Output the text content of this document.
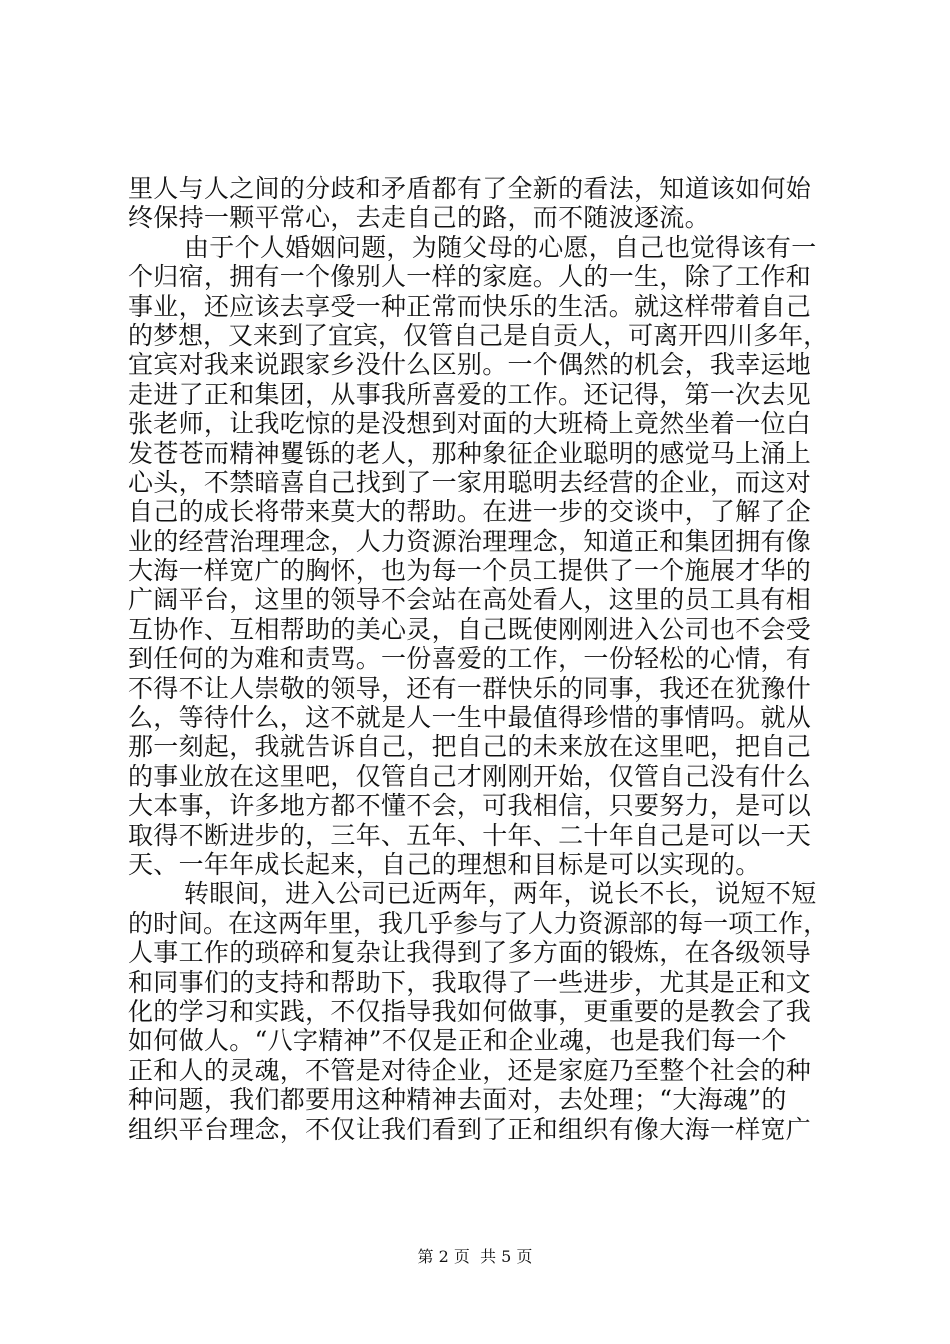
里人与人之间的分歧和矛盾都有了全新的看法，知道该如何始
终保持一颗平常心，去走自己的路，而不随波逐流。
由于个人婚姻问题，为随父母的心愿，自己也觉得该有一
个归宿，拥有一个像别人一样的家庭。人的一生，除了工作和
事业，还应该去享受一种正常而快乐的生活。就这样带着自己
的梦想，又来到了宜宾，仅管自己是自贡人，可离开四川多年，
宜宾对我来说跟家乡没什么区别。一个偶然的机会，我幸运地
走进了正和集团，从事我所喜爱的工作。还记得，第一次去见
张老师，让我吃惊的是没想到对面的大班椅上竟然坐着一位白
发苍苍而精神矍铄的老人，那种象征企业聪明的感觉马上涌上
心头，不禁暗喜自己找到了一家用聪明去经营的企业，而这对
自己的成长将带来莫大的帮助。在进一步的交谈中，了解了企
业的经营治理理念，人力资源治理理念，知道正和集团拥有像
大海一样宽广的胸怀，也为每一个员工提供了一个施展才华的
广阔平台，这里的领导不会站在高处看人，这里的员工具有相
互协作、互相帮助的美心灵，自己既使刚刚进入公司也不会受
到任何的为难和责骂。一份喜爱的工作，一份轻松的心情，有
不得不让人崇敬的领导，还有一群快乐的同事，我还在犹豫什
么，等待什么，这不就是人一生中最值得珍惜的事情吗。就从
那一刻起，我就告诉自己，把自己的未来放在这里吧，把自己
的事业放在这里吧，仅管自己才刚刚开始，仅管自己没有什么
大本事，许多地方都不懂不会，可我相信，只要努力，是可以
取得不断进步的，三年、五年、十年、二十年自己是可以一天
天、一年年成长起来，自己的理想和目标是可以实现的。
转眼间，进入公司已近两年，两年，说长不长，说短不短
的时间。在这两年里，我几乎参与了人力资源部的每一项工作，
人事工作的琐碎和复杂让我得到了多方面的锻炼，在各级领导
和同事们的支持和帮助下，我取得了一些进步，尤其是正和文
化的学习和实践，不仅指导我如何做事，更重要的是教会了我
如何做人。“八字精神”不仅是正和企业魂，也是我们每一个
正和人的灵魂，不管是对待企业，还是家庭乃至整个社会的种
种问题，我们都要用这种精神去面对，去处理；“大海魂”的
组织平台理念，不仅让我们看到了正和组织有像大海一样宽广
第 2 页  共 5 页
